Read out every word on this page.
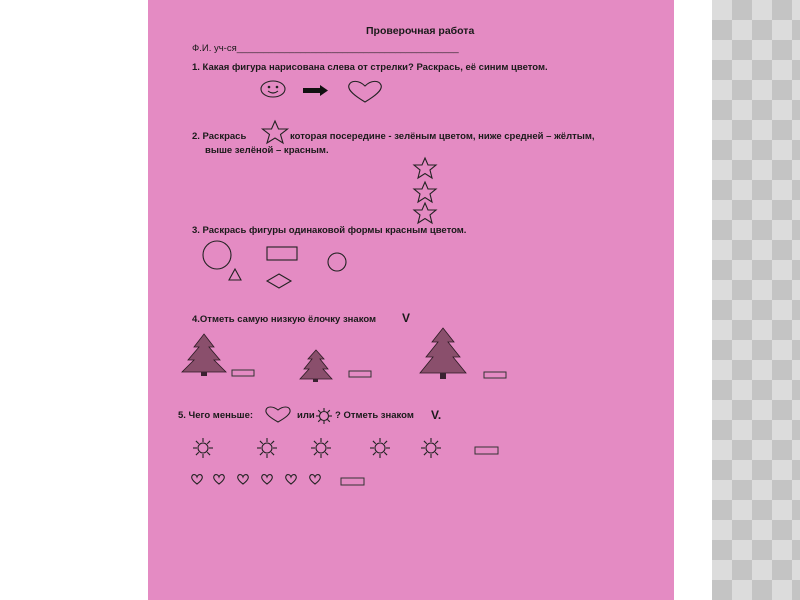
Проверочная работа
Ф.И. уч-ся__________________________________________
1. Какая фигура нарисована слева от стрелки? Раскрась, её синим цветом.
2. Раскрась	которая посередине - зелёным цветом, ниже средней – жёлтым,
выше зелёной – красным.
3. Раскрась фигуры одинаковой формы красным цветом.
4.Отметь самую низкую ёлочку знаком V
5. Чего меньше:	или ? Отметь знаком V.
